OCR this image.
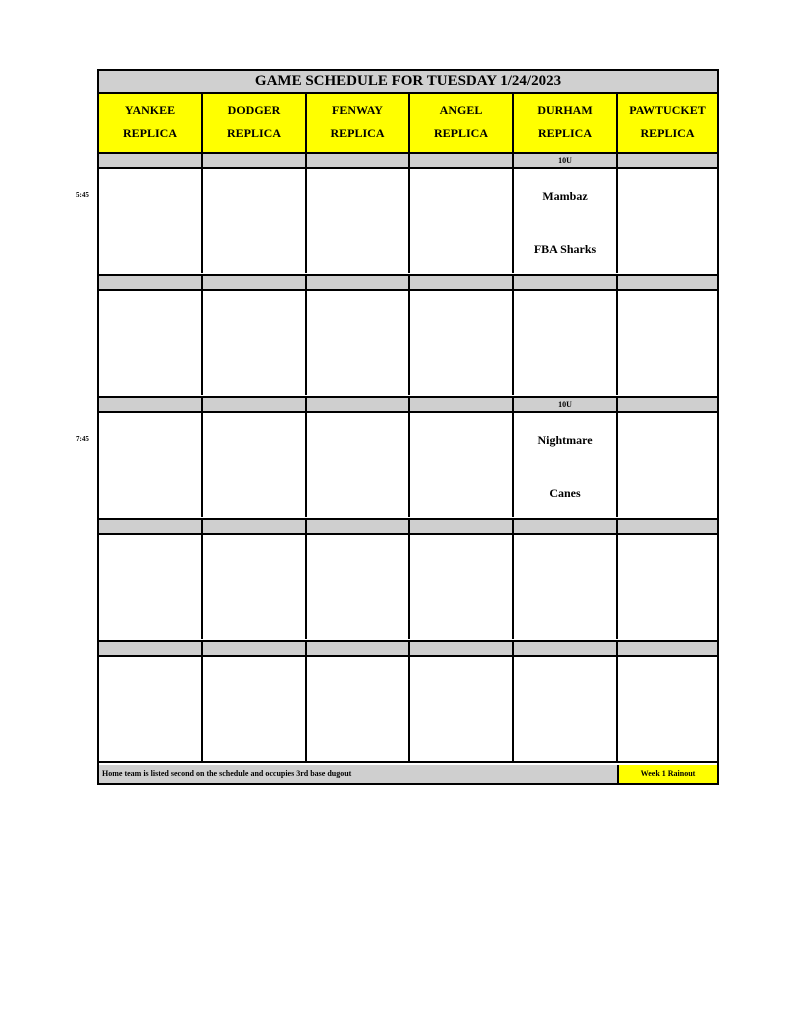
GAME SCHEDULE FOR TUESDAY 1/24/2023
YANKEE
REPLICA
DODGER
REPLICA
FENWAY
REPLICA
ANGEL
REPLICA
DURHAM
REPLICA
PAWTUCKET
REPLICA
10U
Mambaz
FBA Sharks
10U
Nightmare
Canes
Home team is listed second on the schedule and occupies 3rd base dugout	Week 1 Rainout
5:45
7:45
